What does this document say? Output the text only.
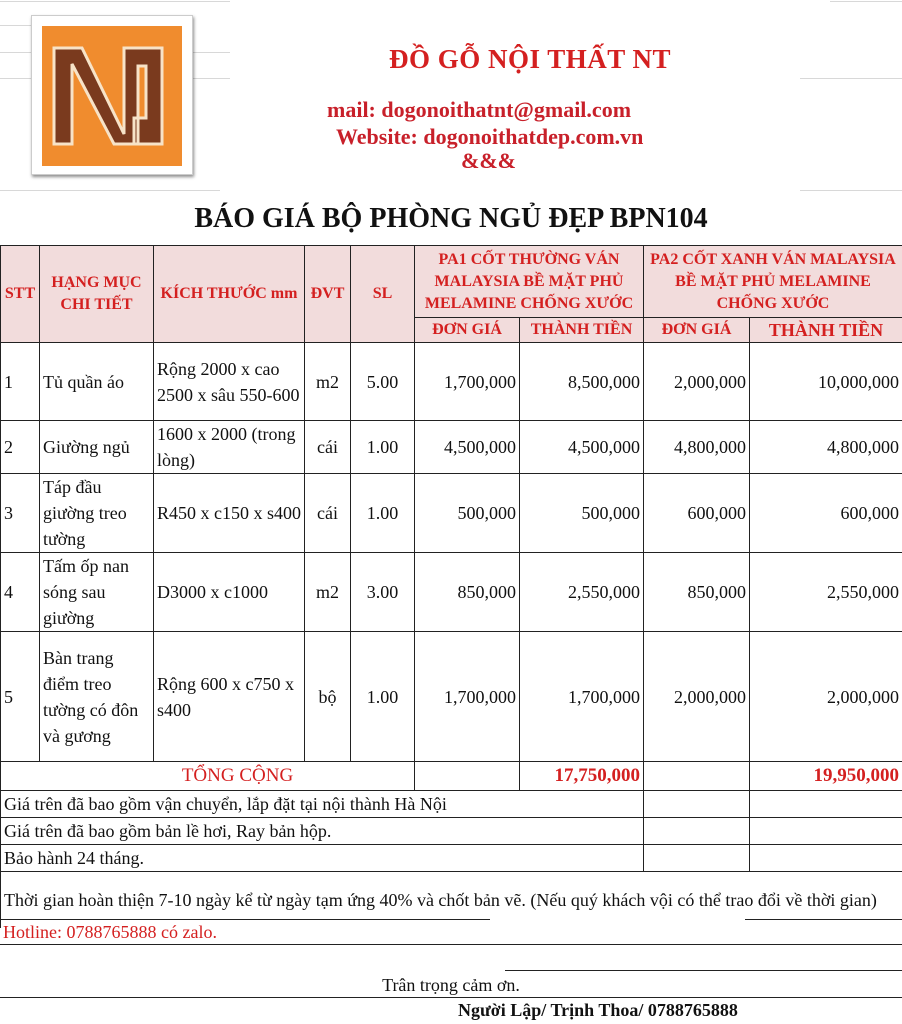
ĐỒ GỖ NỘI THẤT NT
mail: dogonoithatnt@gmail.com
Website: dogonoithatdep.com.vn
&&&
BÁO GIÁ BỘ PHÒNG NGỦ ĐẸP BPN104
STT	HẠNG MỤC CHI TIẾT	KÍCH THƯỚC mm	ĐVT	SL	PA1 CỐT THƯỜNG VÁN MALAYSIA BỀ MẶT PHỦ MELAMINE CHỐNG XƯỚC		PA2 CỐT XANH VÁN MALAYSIA BỀ MẶT PHỦ MELAMINE CHỐNG XƯỚC	
					ĐƠN GIÁ	THÀNH TIỀN	ĐƠN GIÁ	THÀNH TIỀN
1	Tủ quần áo	Rộng 2000 x cao 2500 x sâu 550-600	m2	5.00	1,700,000	8,500,000	2,000,000	10,000,000
2	Giường ngủ	1600 x 2000 (trong lòng)	cái	1.00	4,500,000	4,500,000	4,800,000	4,800,000
3	Táp đầu giường treo tường	R450 x c150 x s400	cái	1.00	500,000	500,000	600,000	600,000
4	Tấm ốp nan sóng sau giường	D3000 x c1000	m2	3.00	850,000	2,550,000	850,000	2,550,000
5	Bàn trang điểm treo tường có đôn và gương	Rộng 600 x c750 x s400	bộ	1.00	1,700,000	1,700,000	2,000,000	2,000,000
TỔNG CỘNG						17,750,000		19,950,000
Giá trên đã bao gồm vận chuyển, lắp đặt tại nội thành Hà Nội								
Giá trên đã bao gồm bản lề hơi, Ray bản hộp.								
Bảo hành 24 tháng.								
Thời gian hoàn thiện 7-10 ngày kể từ ngày tạm ứng 40% và chốt bản vẽ. (Nếu quý khách vội có thể trao đổi về thời gian)								
Hotline: 0788765888 có zalo.
Trân trọng cảm ơn.
Người Lập/ Trịnh Thoa/ 0788765888
